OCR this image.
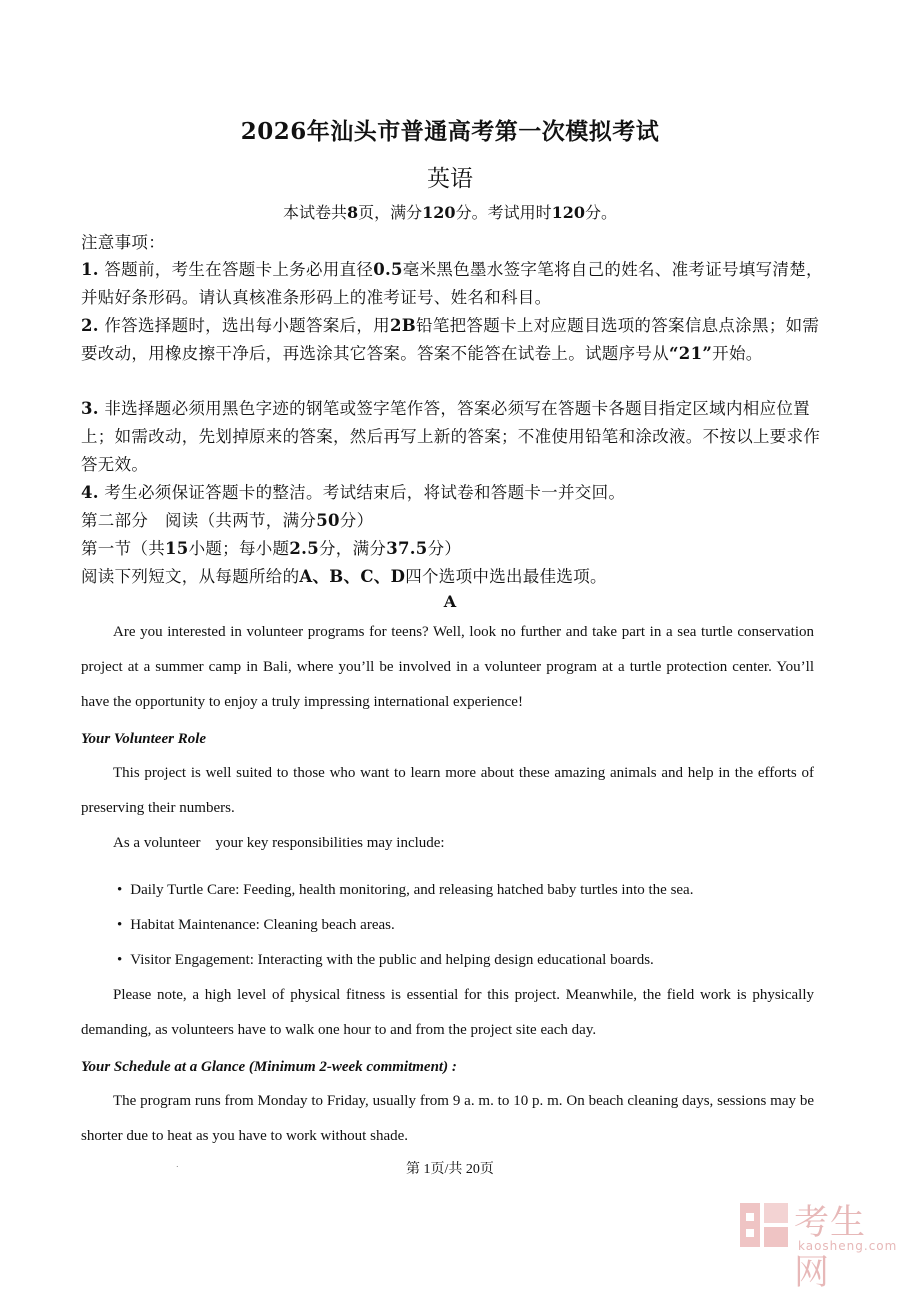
2026年汕头市普通高考第一次模拟考试
英语
本试卷共8页，满分120分。考试用时120分。
注意事项：
1. 答题前，考生在答题卡上务必用直径0.5毫米黑色墨水签字笔将自己的姓名、准考证号填写清楚，并贴好条形码。请认真核准条形码上的准考证号、姓名和科目。
2. 作答选择题时，选出每小题答案后，用2B铅笔把答题卡上对应题目选项的答案信息点涂黑；如需要改动，用橡皮擦干净后，再选涂其它答案。答案不能答在试卷上。试题序号从“21”开始。
3. 非选择题必须用黑色字迹的钢笔或签字笔作答，答案必须写在答题卡各题目指定区域内相应位置上；如需改动，先划掉原来的答案，然后再写上新的答案；不准使用铅笔和涂改液。不按以上要求作答无效。
4. 考生必须保证答题卡的整洁。考试结束后，将试卷和答题卡一并交回。
第二部分　阅读（共两节，满分50分）
第一节（共15小题；每小题2.5分，满分37.5分）
阅读下列短文，从每题所给的A、B、C、D四个选项中选出最佳选项。
A
Are you interested in volunteer programs for teens? Well, look no further and take part in a sea turtle conservation project at a summer camp in Bali, where you’ll be involved in a volunteer program at a turtle protection center. You’ll have the opportunity to enjoy a truly impressing international experience!
Your Volunteer Role
This project is well suited to those who want to learn more about these amazing animals and help in the efforts of preserving their numbers.
As a volunteer　your key responsibilities may include:
• Daily Turtle Care: Feeding, health monitoring, and releasing hatched baby turtles into the sea.
• Habitat Maintenance: Cleaning beach areas.
• Visitor Engagement: Interacting with the public and helping design educational boards.
Please note, a high level of physical fitness is essential for this project. Meanwhile, the field work is physically demanding, as volunteers have to walk one hour to and from the project site each day.
Your Schedule at a Glance (Minimum 2-week commitment) :
The program runs from Monday to Friday, usually from 9 a. m. to 10 p. m. On beach cleaning days, sessions may be shorter due to heat as you have to work without shade.
.	第 1页/共 20页
考生网
kaosheng.com
